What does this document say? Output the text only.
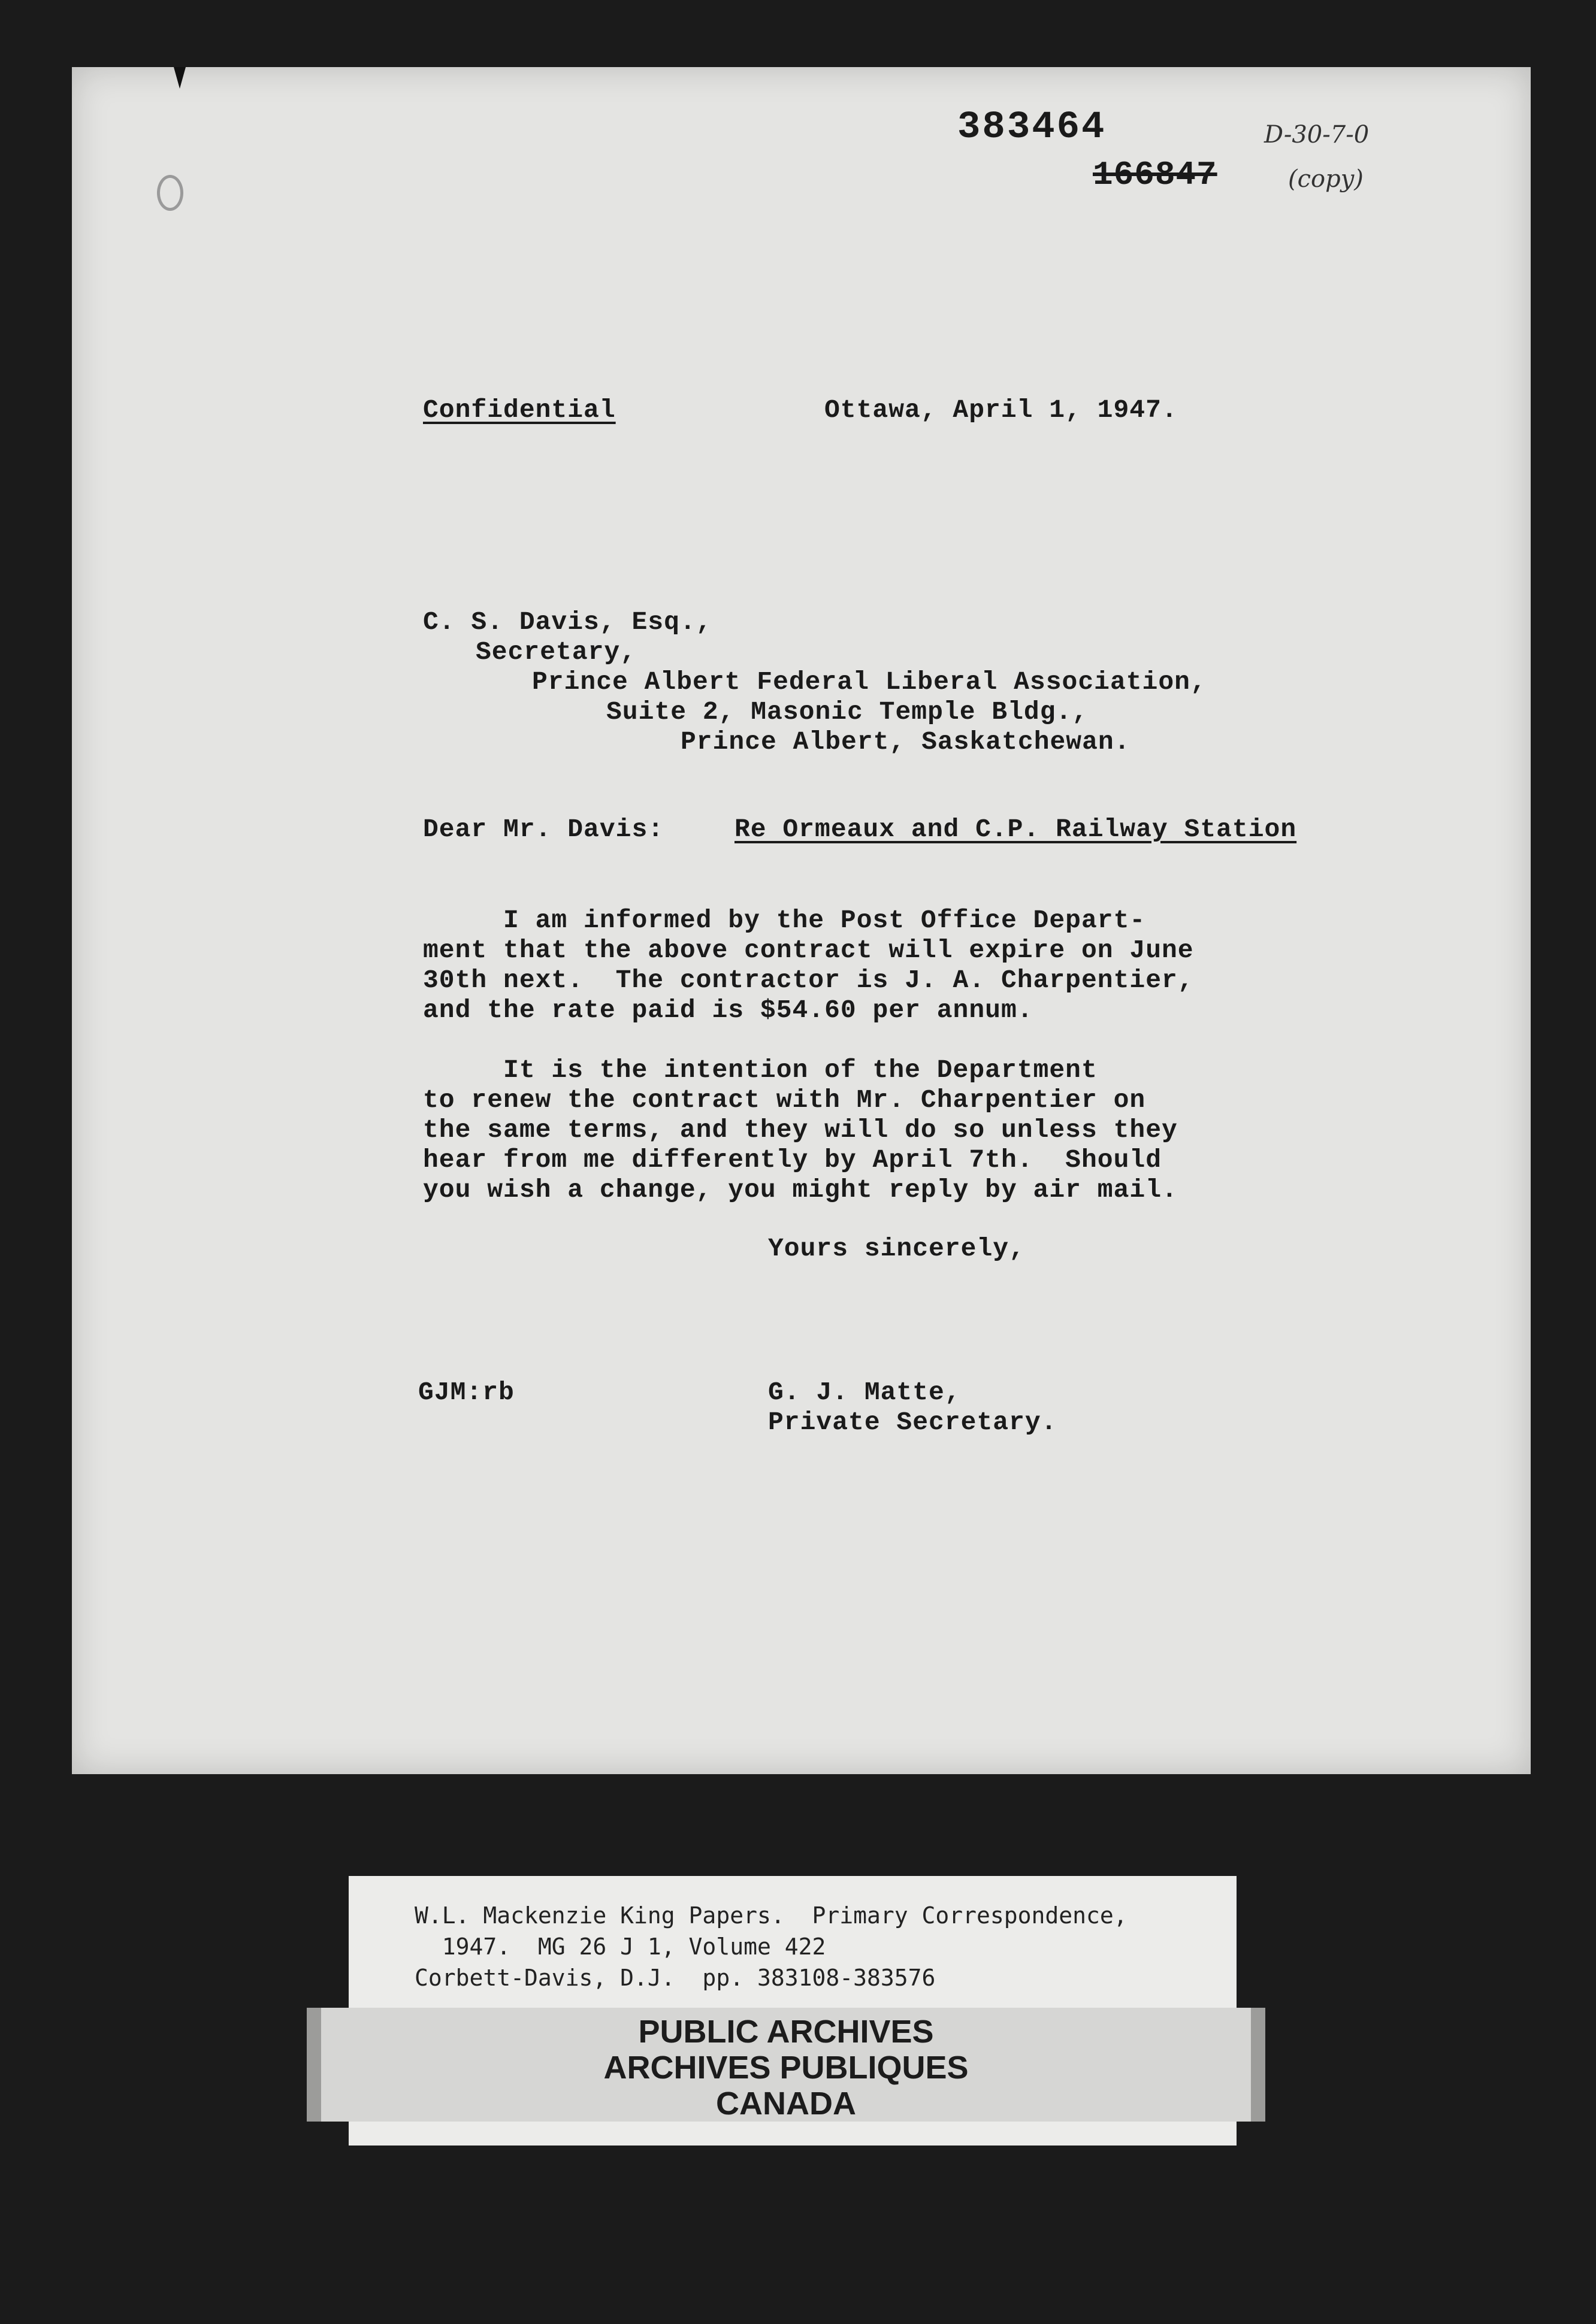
383464	D-30-7-0
166847	(copy)
Confidential	Ottawa, April 1, 1947.
C. S. Davis, Esq.,
Secretary,
Prince Albert Federal Liberal Association,
Suite 2, Masonic Temple Bldg.,
Prince Albert, Saskatchewan.
Dear Mr. Davis:	Re Ormeaux and C.P. Railway Station
I am informed by the Post Office Depart-
ment that the above contract will expire on June
30th next.  The contractor is J. A. Charpentier,
and the rate paid is $54.60 per annum.
It is the intention of the Department
to renew the contract with Mr. Charpentier on
the same terms, and they will do so unless they
hear from me differently by April 7th.  Should
you wish a change, you might reply by air mail.
Yours sincerely,
GJM:rb	G. J. Matte,
Private Secretary.
W.L. Mackenzie King Papers.  Primary Correspondence,
1947.  MG 26 J 1, Volume 422
Corbett-Davis, D.J.  pp. 383108-383576
PUBLIC ARCHIVES
ARCHIVES PUBLIQUES
CANADA
